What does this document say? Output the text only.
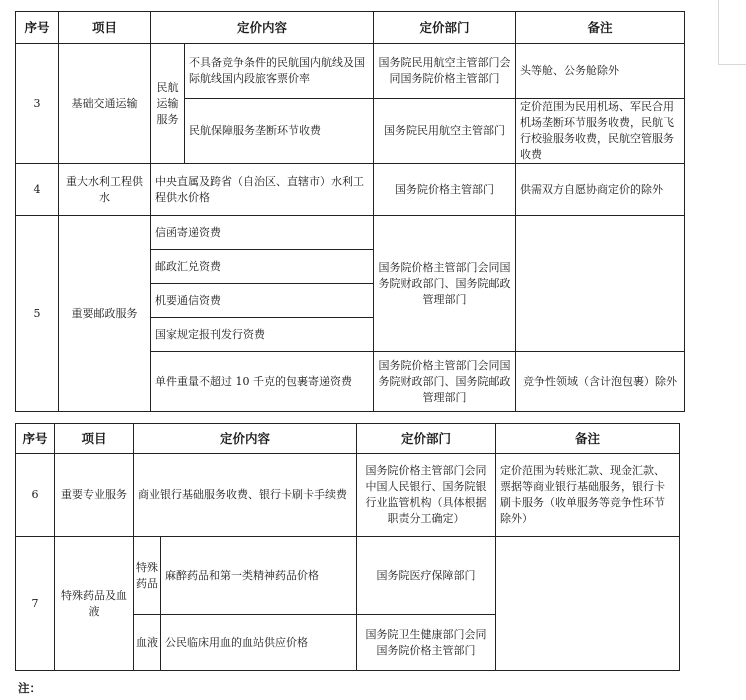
序号	项目	定价内容		定价部门	备注
3	基础交通运输	民航运输服务	不具备竞争条件的民航国内航线及国际航线国内段旅客票价率	国务院民用航空主管部门会同国务院价格主管部门	头等舱、公务舱除外
			民航保障服务垄断环节收费	国务院民用航空主管部门	定价范围为民用机场、军民合用机场垄断环节服务收费，民航飞行校验服务收费，民航空管服务收费
4	重大水利工程供水	中央直属及跨省（自治区、直辖市）水利工程供水价格		国务院价格主管部门	供需双方自愿协商定价的除外
5	重要邮政服务	信函寄递资费		国务院价格主管部门会同国务院财政部门、国务院邮政管理部门	
		邮政汇兑资费			
		机要通信资费			
		国家规定报刊发行资费			
		单件重量不超过 10 千克的包裹寄递资费		国务院价格主管部门会同国务院财政部门、国务院邮政管理部门	竞争性领域（含计泡包裹）除外
序号	项目	定价内容		定价部门	备注
6	重要专业服务	商业银行基础服务收费、银行卡刷卡手续费		国务院价格主管部门会同中国人民银行、国务院银行业监管机构（具体根据职责分工确定）	定价范围为转账汇款、现金汇款、票据等商业银行基础服务，银行卡刷卡服务（收单服务等竞争性环节除外）
7	特殊药品及血液	特殊药品	麻醉药品和第一类精神药品价格	国务院医疗保障部门	
		血液	公民临床用血的血站供应价格	国务院卫生健康部门会同国务院价格主管部门	
注：
